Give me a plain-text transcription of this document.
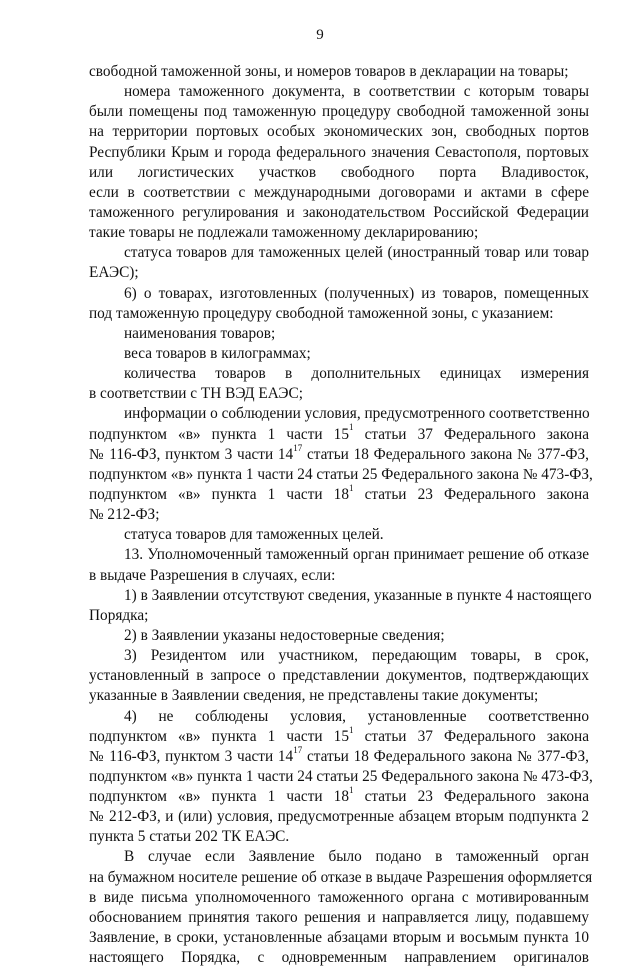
9
свободной таможенной зоны, и номеров товаров в декларации на товары;
номера таможенного документа, в соответствии с которым товары
были помещены под таможенную процедуру свободной таможенной зоны
на территории портовых особых экономических зон, свободных портов
Республики Крым и города федерального значения Севастополя, портовых
или логистических участков свободного порта Владивосток,
если в соответствии с международными договорами и актами в сфере
таможенного регулирования и законодательством Российской Федерации
такие товары не подлежали таможенному декларированию;
статуса товаров для таможенных целей (иностранный товар или товар
ЕАЭС);
6) о товарах, изготовленных (полученных) из товаров, помещенных
под таможенную процедуру свободной таможенной зоны, с указанием:
наименования товаров;
веса товаров в килограммах;
количества товаров в дополнительных единицах измерения
в соответствии с ТН ВЭД ЕАЭС;
информации о соблюдении условия, предусмотренного соответственно
подпунктом «в» пункта 1 части $15^1$ статьи 37 Федерального закона
№ 116-ФЗ, пунктом 3 части $14^{17}$ статьи 18 Федерального закона № 377-ФЗ,
подпунктом «в» пункта 1 части 24 статьи 25 Федерального закона № 473-ФЗ,
подпунктом «в» пункта 1 части $18^1$ статьи 23 Федерального закона
№ 212-ФЗ;
статуса товаров для таможенных целей.
13. Уполномоченный таможенный орган принимает решение об отказе
в выдаче Разрешения в случаях, если:
1) в Заявлении отсутствуют сведения, указанные в пункте 4 настоящего
Порядка;
2) в Заявлении указаны недостоверные сведения;
3) Резидентом или участником, передающим товары, в срок,
установленный в запросе о представлении документов, подтверждающих
указанные в Заявлении сведения, не представлены такие документы;
4) не соблюдены условия, установленные соответственно
подпунктом «в» пункта 1 части $15^1$ статьи 37 Федерального закона
№ 116-ФЗ, пунктом 3 части $14^{17}$ статьи 18 Федерального закона № 377-ФЗ,
подпунктом «в» пункта 1 части 24 статьи 25 Федерального закона № 473-ФЗ,
подпунктом «в» пункта 1 части $18^1$ статьи 23 Федерального закона
№ 212-ФЗ, и (или) условия, предусмотренные абзацем вторым подпункта 2
пункта 5 статьи 202 ТК ЕАЭС.
В случае если Заявление было подано в таможенный орган
на бумажном носителе решение об отказе в выдаче Разрешения оформляется
в виде письма уполномоченного таможенного органа с мотивированным
обоснованием принятия такого решения и направляется лицу, подавшему
Заявление, в сроки, установленные абзацами вторым и восьмым пункта 10
настоящего Порядка, с одновременным направлением оригиналов
